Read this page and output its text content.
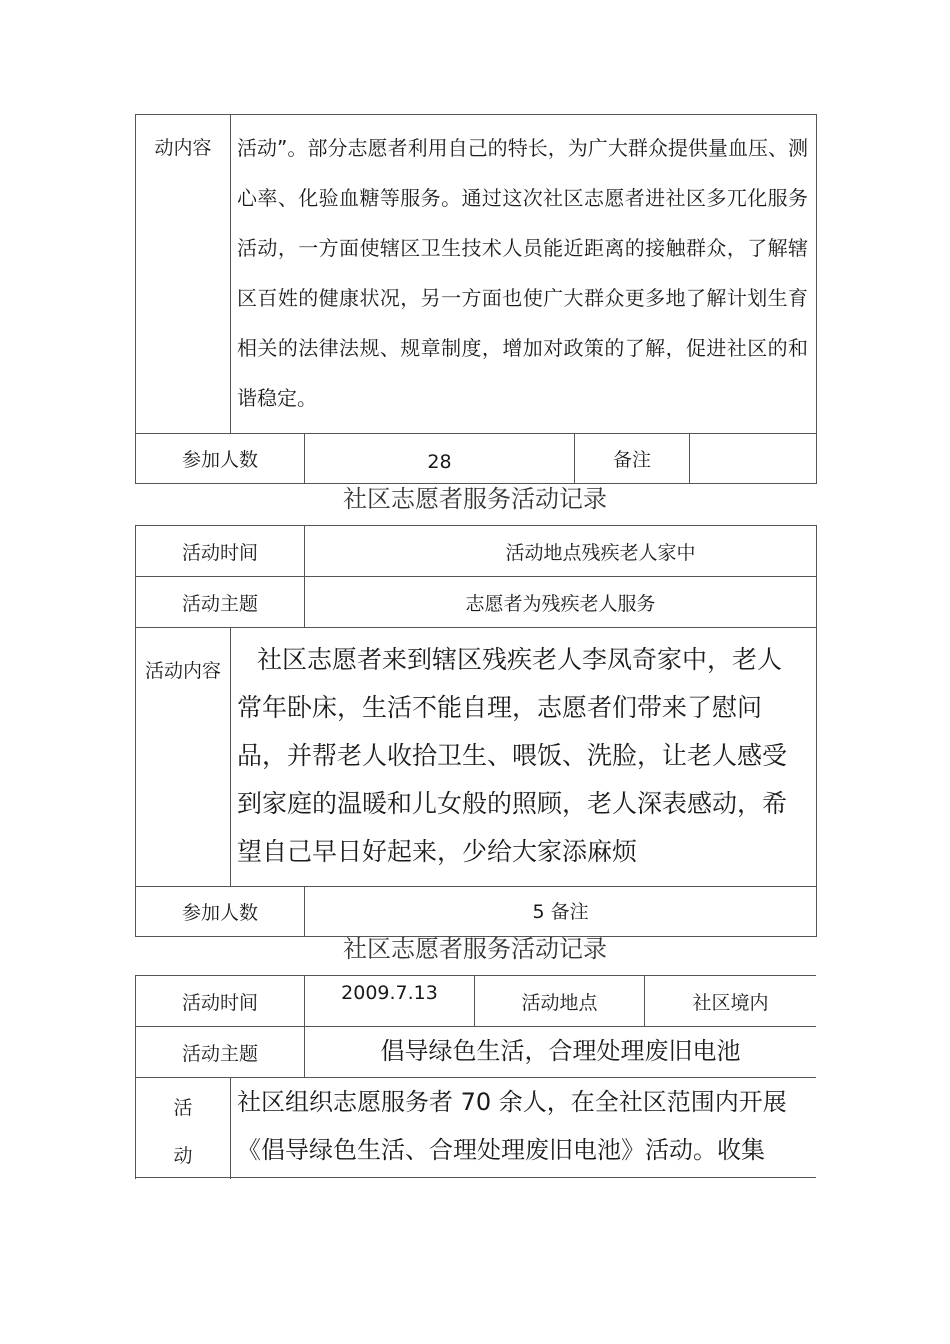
动内容	活动”。部分志愿者利用自己的特长，为广大群众提供量血压、测心率、化验血糖等服务。通过这次社区志愿者进社区多兀化服务活动，一方面使辖区卫生技术人员能近距离的接触群众，了解辖区百姓的健康状况，另一方面也使广大群众更多地了解计划生育相关的法律法规、规章制度，增加对政策的了解，促进社区的和谐稳定。			
参加人数		28	备注	
社区志愿者服务活动记录
活动时间		活动地点残疾老人家中
活动主题		志愿者为残疾老人服务
活动内容	社区志愿者来到辖区残疾老人李凤奇家中，老人常年卧床，生活不能自理，志愿者们带来了慰问品，并帮老人收拾卫生、喂饭、洗脸，让老人感受到家庭的温暖和儿女般的照顾，老人深表感动，希望自己早日好起来，少给大家添麻烦	
参加人数		5 备注
社区志愿者服务活动记录
活动时间		2009.7.13	活动地点	社区境内
活动主题		倡导绿色生活，合理处理废旧电池		

活
动	社区组织志愿服务者 70 余人，在全社区范围内开展《倡导绿色生活、合理处理废旧电池》活动。收集			
